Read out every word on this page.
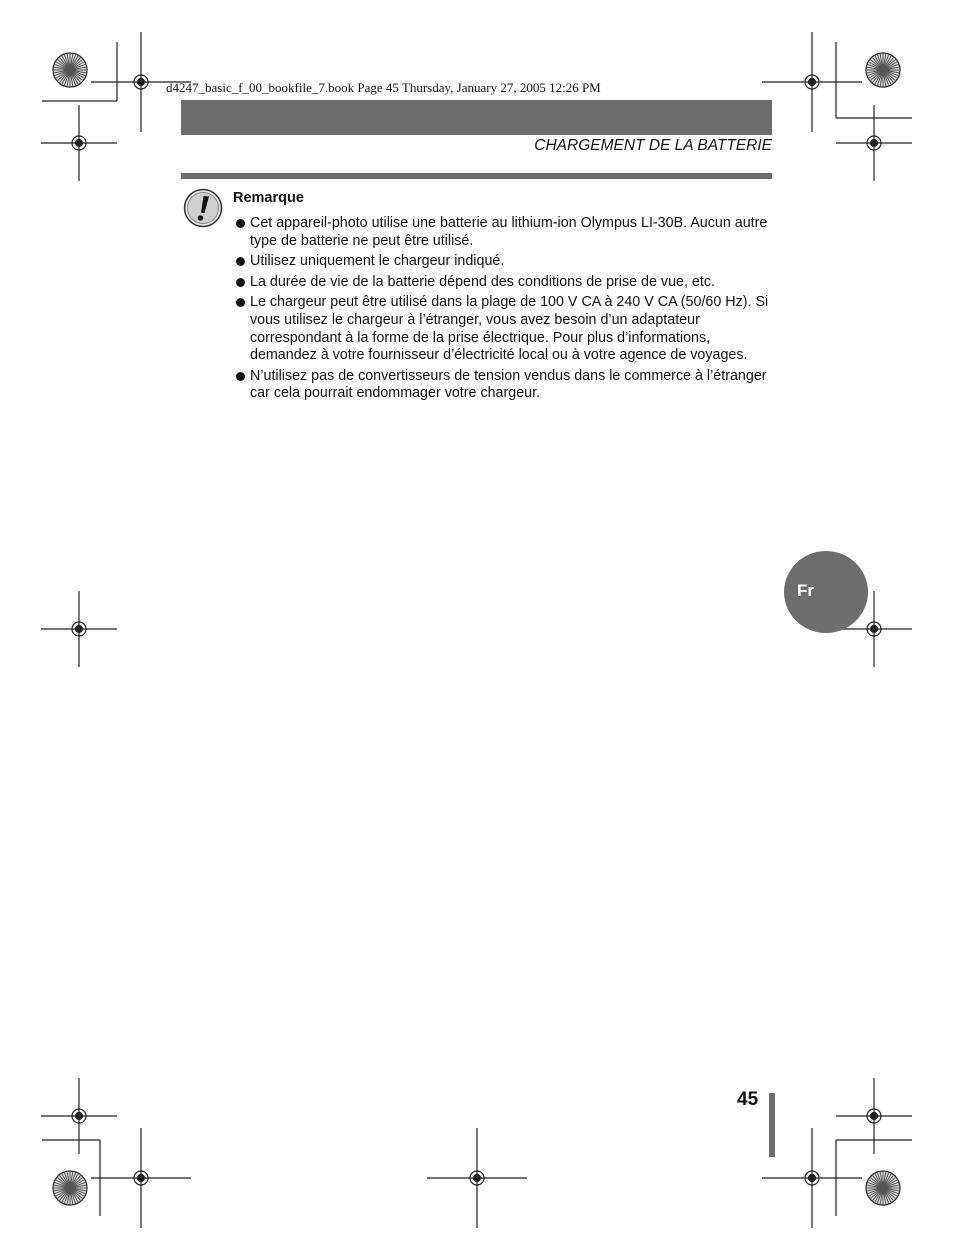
d4247_basic_f_00_bookfile_7.book Page 45 Thursday, January 27, 2005 12:26 PM
CHARGEMENT DE LA BATTERIE
Remarque
Cet appareil-photo utilise une batterie au lithium-ion Olympus LI-30B. Aucun autre type de batterie ne peut être utilisé.
Utilisez uniquement le chargeur indiqué.
La durée de vie de la batterie dépend des conditions de prise de vue, etc.
Le chargeur peut être utilisé dans la plage de 100 V CA à 240 V CA (50/60 Hz). Si vous utilisez le chargeur à l’étranger, vous avez besoin d’un adaptateur correspondant à la forme de la prise électrique. Pour plus d’informations, demandez à votre fournisseur d’électricité local ou à votre agence de voyages.
N’utilisez pas de convertisseurs de tension vendus dans le commerce à l’étranger car cela pourrait endommager votre chargeur.
Fr
45
